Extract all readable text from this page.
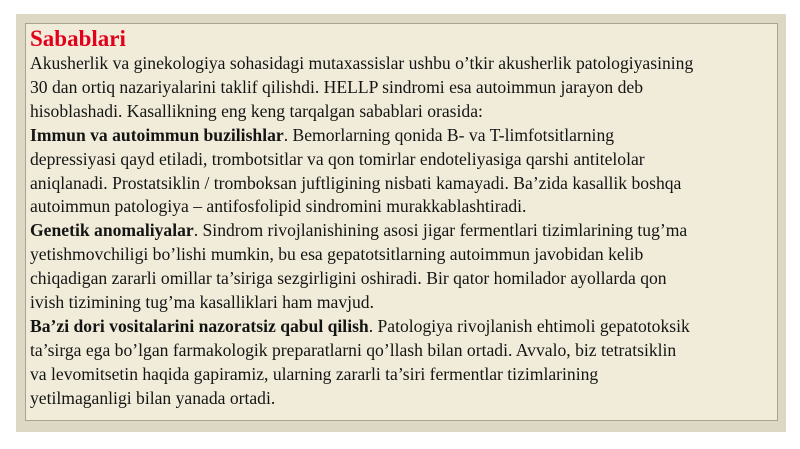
Sabablari
Akusherlik va ginekologiya sohasidagi mutaxassislar ushbu o’tkir akusherlik patologiyasining
30 dan ortiq nazariyalarini taklif qilishdi. HELLP sindromi esa autoimmun jarayon deb
hisoblashadi. Kasallikning eng keng tarqalgan sabablari orasida:
Immun va autoimmun buzilishlar. Bemorlarning qonida B- va T-limfotsitlarning
depressiyasi qayd etiladi, trombotsitlar va qon tomirlar endoteliyasiga qarshi antitelolar
aniqlanadi. Prostatsiklin / tromboksan juftligining nisbati kamayadi. Ba’zida kasallik boshqa
autoimmun patologiya – antifosfolipid sindromini murakkablashtiradi.
Genetik anomaliyalar. Sindrom rivojlanishining asosi jigar fermentlari tizimlarining tug’ma
yetishmovchiligi bo’lishi mumkin, bu esa gepatotsitlarning autoimmun javobidan kelib
chiqadigan zararli omillar ta’siriga sezgirligini oshiradi. Bir qator homilador ayollarda qon
ivish tizimining tug’ma kasalliklari ham mavjud.
Ba’zi dori vositalarini nazoratsiz qabul qilish. Patologiya rivojlanish ehtimoli gepatotoksik
ta’sirga ega bo’lgan farmakologik preparatlarni qo’llash bilan ortadi. Avvalo, biz tetratsiklin
va levomitsetin haqida gapiramiz, ularning zararli ta’siri fermentlar tizimlarining
yetilmaganligi bilan yanada ortadi.
